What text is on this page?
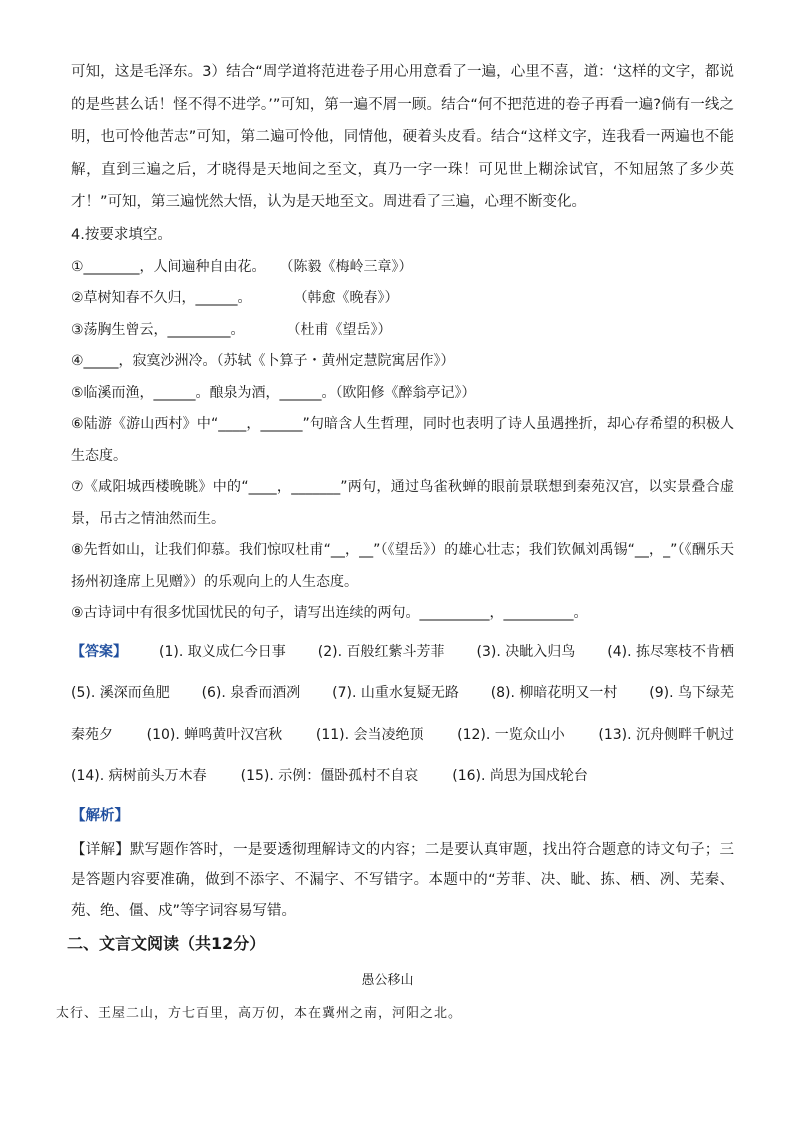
可知，这是毛泽东。3）结合“周学道将范进卷子用心用意看了一遍，心里不喜，道：‘这样的文字，都说的是些甚么话！怪不得不进学。’”可知，第一遍不屑一顾。结合“何不把范进的卷子再看一遍?倘有一线之明，也可怜他苦志”可知，第二遍可怜他，同情他，硬着头皮看。结合“这样文字，连我看一两遍也不能解，直到三遍之后，才晓得是天地间之至文，真乃一字一珠！可见世上糊涂试官，不知屈煞了多少英才！”可知，第三遍恍然大悟，认为是天地至文。周进看了三遍，心理不断变化。

4.按要求填空。

①________，人间遍种自由花。　　（陈毅《梅岭三章》）

②草树知春不久归，______。　　　　（韩愈《晚春》）

③荡胸生曾云，_________。　　　　（杜甫《望岳》）

④_____，寂寞沙洲冷。（苏轼《卜算子・黄州定慧院寓居作》）

⑤临溪而渔，______。酿泉为酒，______。（欧阳修《醉翁亭记》）

⑥陆游《游山西村》中“____，______”句暗含人生哲理，同时也表明了诗人虽遇挫折，却心存希望的积极人生态度。

⑦《咸阳城西楼晚眺》中的“____，_______”两句，通过鸟雀秋蝉的眼前景联想到秦苑汉宫，以实景叠合虚景，吊古之情油然而生。

⑧先哲如山，让我们仰慕。我们惊叹杜甫“__，__”（《望岳》）的雄心壮志；我们钦佩刘禹锡“__，_”（《酬乐天扬州初逢席上见赠》）的乐观向上的人生态度。

⑨古诗词中有很多忧国忧民的句子，请写出连续的两句。__________，__________。

【答案】 (1). 取义成仁今日事 (2). 百般红紫斗芳菲 (3). 决眦入归鸟 (4). 拣尽寒枝不肯栖
(5). 溪深而鱼肥 (6). 泉香而酒冽 (7). 山重水复疑无路 (8). 柳暗花明又一村 (9). 鸟下绿芜
秦苑夕 (10). 蝉鸣黄叶汉宫秋 (11). 会当凌绝顶 (12). 一览众山小 (13). 沉舟侧畔千帆过
(14). 病树前头万木春 (15). 示例：僵卧孤村不自哀 (16). 尚思为国戍轮台
【解析】

【详解】默写题作答时，一是要透彻理解诗文的内容；二是要认真审题，找出符合题意的诗文句子；三是答题内容要准确，做到不添字、不漏字、不写错字。本题中的“芳菲、决、眦、拣、栖、冽、芜秦、苑、绝、僵、戍”等字词容易写错。

二、文言文阅读（共12分）
愚公移山
太行、王屋二山，方七百里，高万仞，本在冀州之南，河阳之北。
